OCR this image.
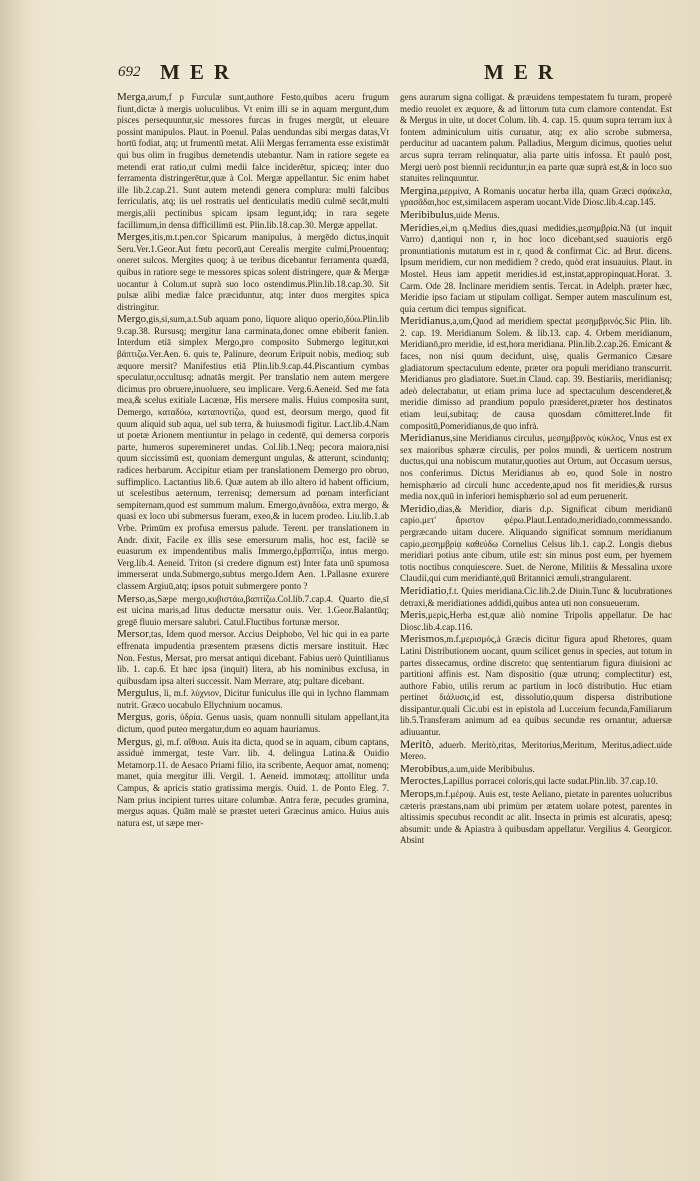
692 MER	MER

Merga,arum,f p Furculæ sunt,authore Festo,quibus aceru frugum fiunt,dictæ à mergis uoluculibus. Vt enim illi se in aquam mergunt,dum pisces persequuntur,sic messores furcas in fruges mergūt, ut eleuare possint manipulos. Plaut. in Poenul. Palas uendundas sibi mergas datas,Vt hortū fodiat, atq; ut frumentū metat. Alii Mergas ferramenta esse existimāt qui bus olim in frugibus demetendis utebantur. Nam in ratiore segete ea metendi erat ratio,ut culmi medii falce inciderētur, spicæq; inter duo ferramenta distringerētur,quæ à Col. Mergæ appellantur. Sic enim habet ille lib.2.cap.21. Sunt autem metendi genera complura: multi falcibus ferriculatis, atq; iis uel rostratis uel denticulatis mediū culmē secāt,multi mergis,alii pectinibus spicam ipsam legunt,idq; in rara segete facillimum,in densa difficillimū est. Plin.lib.18.cap.30. Mergæ appellat.

Merges,itis,m.t.pen.cor Spicarum manipulus, à mergēdo dictus,inquit Seru.Ver.1.Geor.Aut fœtu pecorū,aut Cerealis mergite culmi,Prouentuq; oneret sulcos. Mergites quoq; à ue teribus dicebantur ferramenta quædā, quibus in ratiore sege te messores spicas solent distringere, quæ & Mergæ uocantur à Colum.ut suprà suo loco ostendimus.Plin.lib.18.cap.30. Sit pulsæ alibi mediæ falce præciduntur, atq; inter duos mergites spica distringitur.

Mergo,gis,si,sum,a.t.Sub aquam pono, liquore aliquo operio,δύω.Plin.lib 9.cap.38. Rursusq; mergitur lana carminata,donec omne ebiberit fanien. Interdum etiā simplex Mergo,pro composito Submergo legitur,καὶ βάπτιζω.Ver.Aen. 6. quis te, Palinure, deorum Eripuit nobis, medioq; sub æquore mersit? Manifestius etiā Plin.lib.9.cap.44.Piscantium cymbas speculatur,occultusq; adnatās mergit. Per translatio nem autem mergere dicimus pro obruere,inuoluere, seu implicare. Verg.6.Aeneid. Sed me fata mea,& scelus exitiale Lacænæ, His mersere malis. Huius composita sunt, Demergo, καταδύω, καταποντίζω, quod est, deorsum mergo, quod fit quum aliquid sub aqua, uel sub terra, & huiusmodi figitur. Lact.lib.4.Nam ut poetæ Arionem mentiuntur in pelago in cedentē, qui demersa corporis parte, humeros superemineret undas. Col.lib.1.Neq; pecora maiora,nisi quum siccissimū est, quoniam demergunt ungulas, & atterunt, scinduntq; radices herbarum. Accipitur etiam per translationem Demergo pro obruo, suffimplico. Lactantius lib.6. Quæ autem ab illo altero id habent officium, ut scelestibus aeternum, terrenisq; demersum ad pœnam interficiant sempiternam,quod est summum malum. Emergo,ἀναδύω, extra mergo, & quasi ex loco ubi submersus fueram, exeo,& in lucem prodeo. Liu.lib.1.ab Vrbe. Primūm ex profusa emersus palude. Terent. per translationem in Andr. dixit, Facile ex illis sese emersurum malis, hoc est, facilè se euasurum ex impendentibus malis Immergo,ἐμβαπτίζω, intus mergo. Verg.lib.4. Aeneid. Triton (si credere dignum est) Inter fata unū spumosa immerserat unda.Submergo,subtus mergo.Idem Aen. 1.Pallasne exurere classem Argiuū,atq; ipsos potuit submergere ponto ?

Merso,as,Sæpe mergo,κυβιστάω,βαπτίζω.Col.lib.7.cap.4. Quarto die,sī est uicina maris,ad litus deductæ mersatur ouis. Ver. 1.Geor.Balantūq; gregē fluuio mersare salubri. Catul.Fluctibus fortunæ mersor.

Mersor,tas, Idem quod mersor. Accius Deiphobo, Vel hic qui in ea parte effrenata impudentia præsentem præsens dictis mersare instituit. Hæc Non. Festus, Mersat, pro mersat antiqui dicebant. Fabius uerò Quintilianus lib. 1. cap.6. Et hæc ipsa (inquit) litera, ab his nominibus exclusa, in quibusdam ipsa alteri successit. Nam Merrare, atq; pultare dicebant.

Mergulus, li, m.f. λύχνιον, Dicitur funiculus ille qui in lychno flammam nutrit. Græco uocabulo Ellychnium uocamus.

Mergus, goris, ὑδρία. Genus uasis, quam nonnulli situlam appellant,ita dictum, quod puteo mergatur,dum eo aquam hauriamus.

Mergus, gi, m.f. αἴθυια. Auis ita dicta, quod se in aquam, cibum captans, assiduè immergat, teste Varr. lib. 4. delingua Latina.& Ouidio Metamorp.11. de Aesaco Priami filio, ita scribente, Aequor amat, nomenq; manet, quia mergitur illi. Vergil. 1. Aeneid. immotæq; attollitur unda Campus, & apricis statio gratissima mergis. Ouid. 1. de Ponto Eleg. 7. Nam prius incipient turres uitare columbæ. Antra feræ, pecudes gramina, mergus aquas. Quām malè se præstet ueteri Græcinus amico. Huius auis natura est, ut sæpe mer-

gens aurarum signa colligat. & præuidens tempestatem fu turam, properè medio reuolet ex æquore, & ad littorum tuta cum clamore contendat. Est & Mergus in uite, ut docet Colum. lib. 4. cap. 15. quum supra terram iux à fontem adminiculum uitis curuatur, atq; ex alio scrobe submersa, perducitur ad uacantem palum. Palladius, Mergum dicimus, quoties uelut arcus supra terram relinquatur, alia parte uitis infossa. Et paulò post, Mergi uerò post biennii reciduntur,in ea parte quæ suprà est,& in loco suo statuites relinquuntur.

Mergina,μερμίνα, A Romanis uocatur herba illa, quam Græci σφάκελα, γρασᾶδαι,hoc est,similacem asperam uocant.Vide Diosc.lib.4.cap.145.

Meribibulus,uide Merus.

Meridies,ei,m q.Medius dies,quasi medidies,μεσημβρία.Nā (ut inquit Varro) d,antiqui non r, in hoc loco dicebant,sed suauioris ergō pronuntiationis mutatum est in r, quod & confirmat Cic. ad Brut. dicens. Ipsum meridiem, cur non medidiem ? credo, quòd erat insuauius. Plaut. in Mostel. Heus iam appetit meridies.id est,instat,appropinquat.Horat. 3. Carm. Ode 28. Inclinare meridiem sentis. Tercat. in Adelph. præter hæc, Meridie ipso faciam ut stipulam colligat. Semper autem masculinum est, quia certum dici tempus significat.

Meridianus,a,um,Quod ad meridiem spectat μεσημβρινός.Sic Plin. lib. 2. cap. 19. Meridianum Solem. & lib.13. cap. 4. Orbem meridianum, Meridianō,pro meridie, id est,hora meridiana. Plin.lib.2.cap.26. Emicant & faces, non nisi quum decidunt, uisę, qualis Germanico Cæsare gladiatorum spectaculum edente, præter ora populi meridiano transcurrit. Meridianus pro gladiatore. Suet.in Claud. cap. 39. Bestiariis, meridianisq; adeò delectabatur, ut etiam prima luce ad spectaculum descenderet,& meridie dimisso ad prandium populo præsideret,præter hos destinatos etiam leui,subitaq; de causa quosdam cōmitteret.Inde fit compositū,Pomeridianus,de quo infrà.

Meridianus,sine Meridianus circulus, μεσημβρινὸς κύκλος, Vnus est ex sex maioribus sphæræ circulis, per polos mundi, & uerticem nostrum ductus,qui una nobiscum mutatur,quoties aut Ortum, aut Occasum uersus, nos conferimus. Dictus Meridianus ab eo, quod Sole in nostro hemisphærio ad circuli hunc accedente,apud nos fit meridies,& rursus media nox,quū in inferiori hemisphærio sol ad eum peruenerit.

Meridio,dias,& Meridior, diaris d.p. Significat cibum meridianū capio.μετ' ἄριστον φέρω.Plaut.Lentado,meridiado,commessando. pergræcando uitam ducere. Aliquando significat somnum meridianum capio,μεσημβρίᾳ καθεύδω Cornelius Celsus lib.1. cap.2. Longis diebus meridiari potius ante cibum, utile est: sin minus post eum, per hyemem totis noctibus conquiescere. Suet. de Nerone, Militiis & Messalina uxore Claudii,qui cum meridiantè,quū Britannici æmuli,strangularent.

Meridiatio,f.t. Quies meridiana.Cic.lib.2.de Diuin.Tunc & lucubrationes detraxi,& meridiationes addidi,quibus antea uti non consueueram.

Meris,μερὶς,Herba est,quæ aliò nomine Tripolis appellatur. De hac Diosc.lib.4.cap.116.

Merismos,m.f.μερισμός,à Græcis dicitur figura apud Rhetores, quam Latini Distributionem uocant, quum scilicet genus in species, aut totum in partes dissecamus, ordine discreto: quę sententiarum figura diuisioni ac partitioni affinis est. Nam dispositio (quæ utrunq; complectitur) est, authore Fabio, utilis rerum ac partium in locō distributio. Huc etiam pertinet διάλυσις,id est, dissolutio,quum dispersa distributione dissipantur.quali Cic.ubi est in epistola ad Lucceium fecunda,Familiarum lib.5.Transferam animum ad ea quibus secundæ res ornantur, aduersæ adiuuantur.

Meritò, aduerb. Meritò,ritas, Meritorius,Meritum, Meritus,adiect.uide Mereo.

Merobibus,a.um,uide Meribibulus.

Meroctes,Lapillus porracei coloris,qui lacte sudat.Plin.lib. 37.cap.10.

Merops,m.f.μέροψ. Auis est, teste Aeliano, pietate in parentes uolucribus cæteris præstans,nam ubi primùm per ætatem uolare potest, parentes in altissimis specubus recondit ac alit. Insecta in primis est alcuratis, apesq; absumit: unde & Apiastra à quibusdam appellatur. Vergilius 4. Georgicor. Absint
